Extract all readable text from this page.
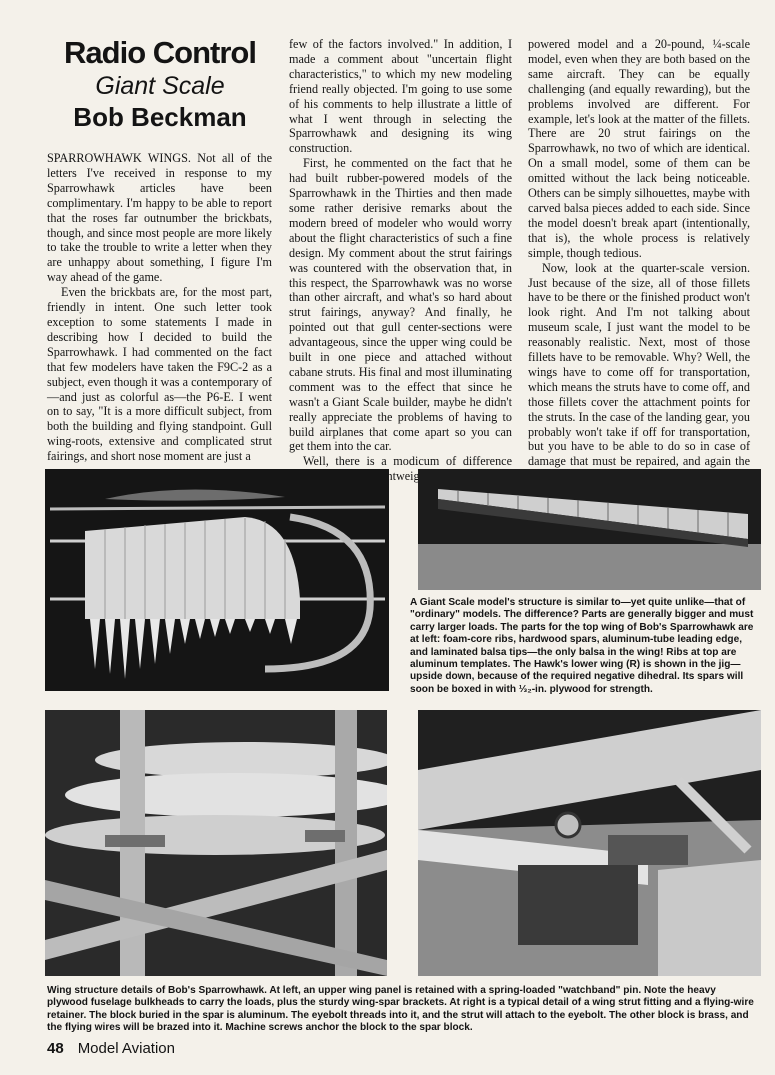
Radio Control
Giant Scale
Bob Beckman

SPARROWHAWK WINGS. Not all of the letters I've received in response to my Sparrowhawk articles have been complimentary. I'm happy to be able to report that the roses far outnumber the brickbats, though, and since most people are more likely to take the trouble to write a letter when they are unhappy about something, I figure I'm way ahead of the game.

Even the brickbats are, for the most part, friendly in intent. One such letter took exception to some statements I made in describing how I decided to build the Sparrowhawk. I had commented on the fact that few modelers have taken the F9C-2 as a subject, even though it was a contemporary of—and just as colorful as—the P6-E. I went on to say, "It is a more difficult subject, from both the building and flying standpoint. Gull wing-roots, extensive and complicated strut fairings, and short nose moment are just a

few of the factors involved." In addition, I made a comment about "uncertain flight characteristics," to which my new modeling friend really objected. I'm going to use some of his comments to help illustrate a little of what I went through in selecting the Sparrowhawk and designing its wing construction.

First, he commented on the fact that he had built rubber-powered models of the Sparrowhawk in the Thirties and then made some rather derisive remarks about the modern breed of modeler who would worry about the flight characteristics of such a fine design. My comment about the strut fairings was countered with the observation that, in this respect, the Sparrowhawk was no worse than other aircraft, and what's so hard about strut fairings, anyway? And finally, he pointed out that gull center-sections were advantageous, since the upper wing could be built in one piece and attached without cabane struts. His final and most illuminating comment was to the effect that since he wasn't a Giant Scale builder, maybe he didn't really appreciate the problems of having to build airplanes that come apart so you can get them into the car.

Well, there is a modicum of difference lightweight

powered model and a 20-pound, ¼-scale model, even when they are both based on the same aircraft. They can be equally challenging (and equally rewarding), but the problems involved are different. For example, let's look at the matter of the fillets. There are 20 strut fairings on the Sparrowhawk, no two of which are identical. On a small model, some of them can be omitted without the lack being noticeable. Others can be simply silhouettes, maybe with carved balsa pieces added to each side. Since the model doesn't break apart (intentionally, that is), the whole process is relatively simple, though tedious.

Now, look at the quarter-scale version. Just because of the size, all of those fillets have to be there or the finished product won't look right. And I'm not talking about museum scale, I just want the model to be reasonably realistic. Next, most of those fillets have to be removable. Why? Well, the wings have to come off for transportation, which means the struts have to come off, and those fillets cover the attachment points for the struts. In the case of the landing gear, you probably won't take if off for transportation, but you have to be able to do so in case of damage that must be repaired, and again the

A Giant Scale model's structure is similar to—yet quite unlike—that of "ordinary" models. The difference? Parts are generally bigger and must carry larger loads. The parts for the top wing of Bob's Sparrowhawk are at left: foam-core ribs, hardwood spars, aluminum-tube leading edge, and laminated balsa tips—the only balsa in the wing! Ribs at top are aluminum templates. The Hawk's lower wing (R) is shown in the jig—upside down, because of the required negative dihedral. Its spars will soon be boxed in with ⅓₂-in. plywood for strength.
Wing structure details of Bob's Sparrowhawk. At left, an upper wing panel is retained with a spring-loaded "watchband" pin. Note the heavy plywood fuselage bulkheads to carry the loads, plus the sturdy wing-spar brackets. At right is a typical detail of a wing strut fitting and a flying-wire retainer. The block buried in the spar is aluminum. The eyebolt threads into it, and the strut will attach to the eyebolt. The other block is brass, and the flying wires will be brazed into it. Machine screws anchor the block to the spar block.
48 Model Aviation
